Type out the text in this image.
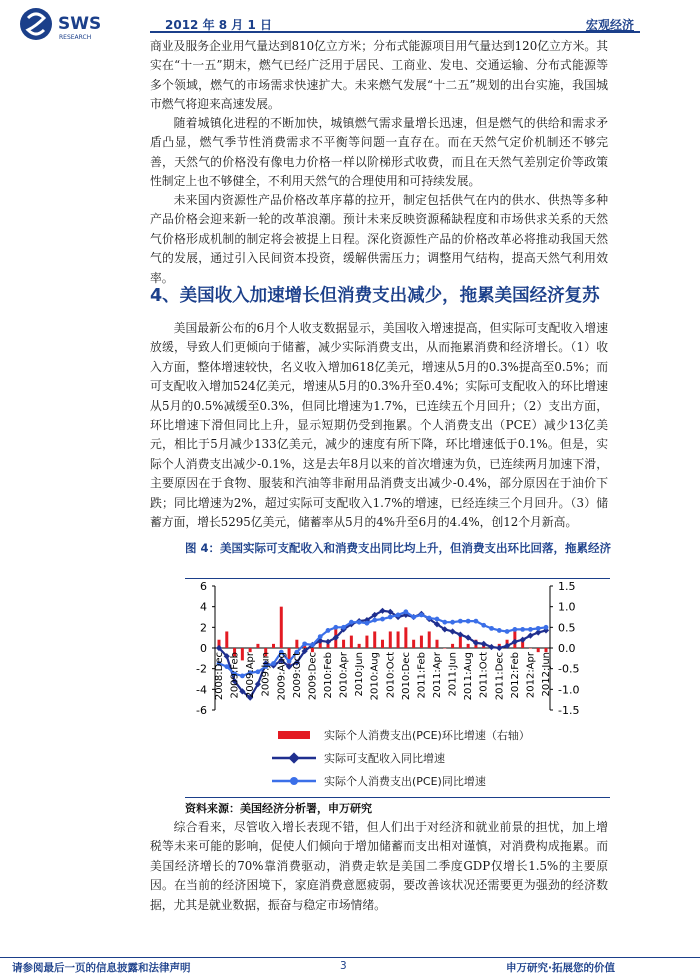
SWS
RESEARCH
2012 年 8 月 1 日	宏观经济

商业及服务企业用气量达到810亿立方米；分布式能源项目用气量达到120亿立方米。其实在“十一五”期末，燃气已经广泛用于居民、工商业、发电、交通运输、分布式能源等多个领域，燃气的市场需求快速扩大。未来燃气发展“十二五”规划的出台实施，我国城市燃气将迎来高速发展。

随着城镇化进程的不断加快，城镇燃气需求量增长迅速，但是燃气的供给和需求矛盾凸显，燃气季节性消费需求不平衡等问题一直存在。而在天然气定价机制还不够完善，天然气的价格没有像电力价格一样以阶梯形式收费，而且在天然气差别定价等政策性制定上也不够健全，不利用天然气的合理使用和可持续发展。

未来国内资源性产品价格改革序幕的拉开，制定包括供气在内的供水、供热等多种产品价格会迎来新一轮的改革浪潮。预计未来反映资源稀缺程度和市场供求关系的天然气价格形成机制的制定将会被提上日程。深化资源性产品的价格改革必将推动我国天然气的发展，通过引入民间资本投资，缓解供需压力；调整用气结构，提高天然气利用效率。

4、美国收入加速增长但消费支出减少，拖累美国经济复苏

美国最新公布的6月个人收支数据显示，美国收入增速提高，但实际可支配收入增速放缓，导致人们更倾向于储蓄，减少实际消费支出，从而拖累消费和经济增长。（1）收入方面，整体增速较快，名义收入增加618亿美元，增速从5月的0.3%提高至0.5%；而可支配收入增加524亿美元，增速从5月的0.3%升至0.4%；实际可支配收入的环比增速从5月的0.5%减缓至0.3%，但同比增速为1.7%，已连续五个月回升；（2）支出方面，环比增速下滑但同比上升，显示短期仍受到拖累。个人消费支出（PCE）减少13亿美元，相比于5月减少133亿美元，减少的速度有所下降，环比增速低于0.1%。但是，实际个人消费支出减少-0.1%，这是去年8月以来的首次增速为负，已连续两月加速下滑，主要原因在于食物、服装和汽油等非耐用品消费支出减少-0.4%，部分原因在于油价下跌；同比增速为2%，超过实际可支配收入1.7%的增速，已经连续三个月回升。（3）储蓄方面，增长5295亿美元，储蓄率从5月的4%升至6月的4.4%，创12个月新高。

图 4：美国实际可支配收入和消费支出同比均上升，但消费支出环比回落，拖累经济
-6
-4
-2
0
2
4
6
-1.5
-1.0
-0.5
0.0
0.5
1.0
1.5
2008:Dec 2009:Feb 2009:Apr 2009:Jun 2009:Aug 2009:Oct 2009:Dec 2010:Feb 2010:Apr 2010:Jun 2010:Aug 2010:Oct 2010:Dec 2011:Feb 2011:Apr 2011:Jun 2011:Aug 2011:Oct 2011:Dec 2012:Feb 2012:Apr 2012:Jun
实际个人消费支出(PCE)环比增速（右轴）
实际可支配收入同比增速
实际个人消费支出(PCE)同比增速
资料来源：美国经济分析署，申万研究

综合看来，尽管收入增长表现不错，但人们出于对经济和就业前景的担忧，加上增税等未来可能的影响，促使人们倾向于增加储蓄而支出相对谨慎，对消费构成拖累。而美国经济增长的70%靠消费驱动，消费走软是美国二季度GDP仅增长1.5%的主要原因。在当前的经济困境下，家庭消费意愿疲弱，要改善该状况还需要更为强劲的经济数据，尤其是就业数据，振奋与稳定市场情绪。

请参阅最后一页的信息披露和法律声明	3	申万研究·拓展您的价值
